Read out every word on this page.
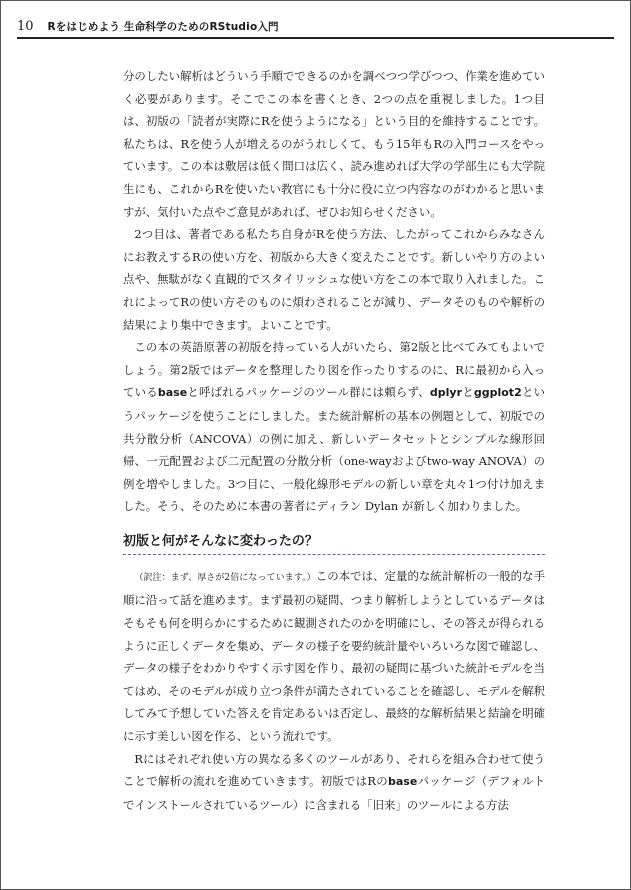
10 Rをはじめよう 生命科学のためのRStudio入門

分のしたい解析はどういう手順でできるのかを調べつつ学びつつ、作業を進めていく必要があります。そこでこの本を書くとき、2つの点を重視しました。1つ目は、初版の「読者が実際にRを使うようになる」という目的を維持することです。私たちは、Rを使う人が増えるのがうれしくて、もう15年もRの入門コースをやっています。この本は敷居は低く間口は広く、読み進めれば大学の学部生にも大学院生にも、これからRを使いたい教官にも十分に役に立つ内容なのがわかると思いますが、気付いた点やご意見があれば、ぜひお知らせください。

2つ目は、著者である私たち自身がRを使う方法、したがってこれからみなさんにお教えするRの使い方を、初版から大きく変えたことです。新しいやり方のよい点や、無駄がなく直観的でスタイリッシュな使い方をこの本で取り入れました。これによってRの使い方そのものに煩わされることが減り、データそのものや解析の結果により集中できます。よいことです。

この本の英語原著の初版を持っている人がいたら、第2版と比べてみてもよいでしょう。第2版ではデータを整理したり図を作ったりするのに、Rに最初から入っているbaseと呼ばれるパッケージのツール群には頼らず、dplyrとggplot2というパッケージを使うことにしました。また統計解析の基本の例題として、初版での共分散分析（ANCOVA）の例に加え、新しいデータセットとシンプルな線形回帰、一元配置および二元配置の分散分析（one-wayおよびtwo-way ANOVA）の例を増やしました。3つ目に、一般化線形モデルの新しい章を丸々1つ付け加えました。そう、そのために本書の著者にディラン Dylan が新しく加わりました。

初版と何がそんなに変わったの？

（訳注：まず、厚さが2倍になっています。）この本では、定量的な統計解析の一般的な手順に沿って話を進めます。まず最初の疑問、つまり解析しようとしているデータはそもそも何を明らかにするために観測されたのかを明確にし、その答えが得られるように正しくデータを集め、データの様子を要約統計量やいろいろな図で確認し、データの様子をわかりやすく示す図を作り、最初の疑問に基づいた統計モデルを当てはめ、そのモデルが成り立つ条件が満たされていることを確認し、モデルを解釈してみて予想していた答えを肯定あるいは否定し、最終的な解析結果と結論を明確に示す美しい図を作る、という流れです。

Rにはそれぞれ使い方の異なる多くのツールがあり、それらを組み合わせて使うことで解析の流れを進めていきます。初版ではRのbaseパッケージ（デフォルトでインストールされているツール）に含まれる「旧来」のツールによる方法
